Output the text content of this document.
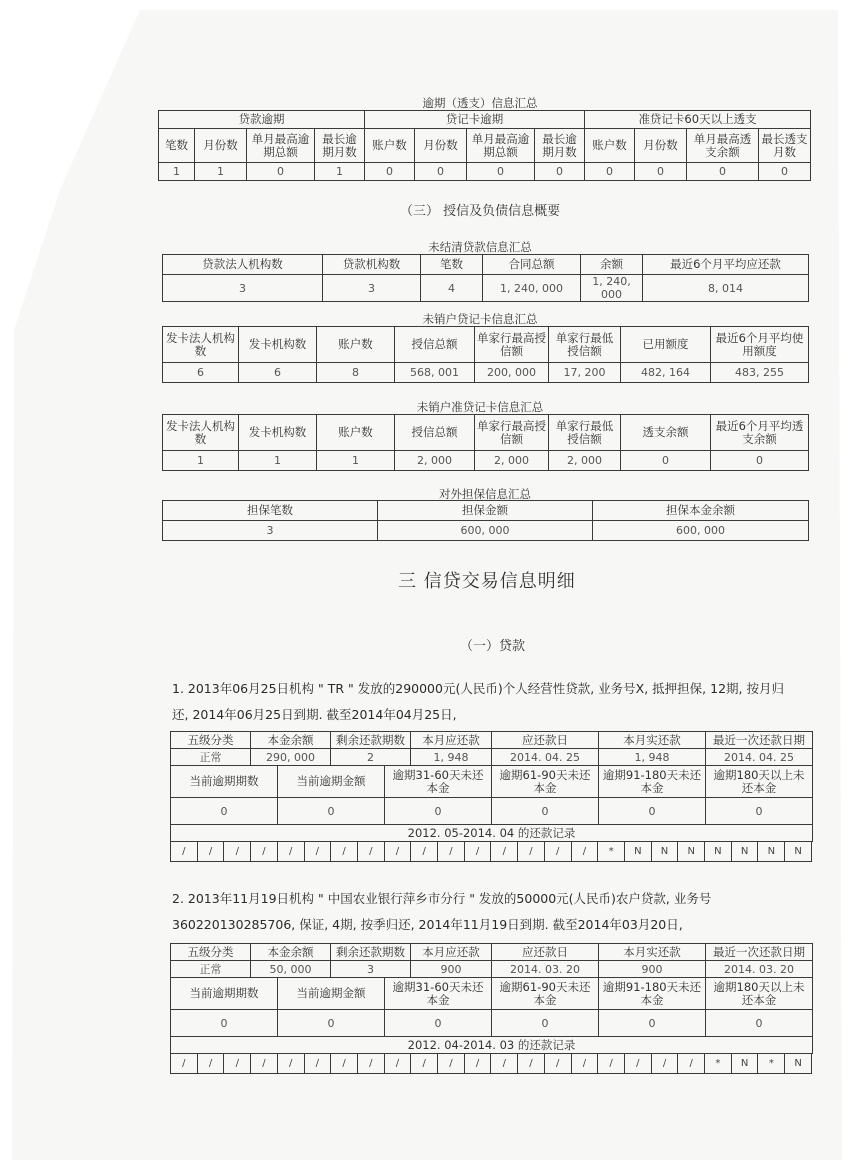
逾期（透支）信息汇总
贷款逾期				贷记卡逾期				准贷记卡60天以上透支			
笔数	月份数	单月最高逾期总额	最长逾期月数	账户数	月份数	单月最高逾期总额	最长逾期月数	账户数	月份数	单月最高透支余额	最长透支月数
1	1	0	1	0	0	0	0	0	0	0	0
（三） 授信及负债信息概要
未结清贷款信息汇总
贷款法人机构数	贷款机构数	笔数	合同总额	余额	最近6个月平均应还款
3	3	4	1, 240, 000	1, 240, 000	8, 014
未销户贷记卡信息汇总
发卡法人机构数	发卡机构数	账户数	授信总额	单家行最高授信额	单家行最低授信额	已用额度	最近6个月平均使用额度
6	6	8	568, 001	200, 000	17, 200	482, 164	483, 255
未销户准贷记卡信息汇总
发卡法人机构数	发卡机构数	账户数	授信总额	单家行最高授信额	单家行最低授信额	透支余额	最近6个月平均透支余额
1	1	1	2, 000	2, 000	2, 000	0	0
对外担保信息汇总
担保笔数	担保金额	担保本金余额
3	600, 000	600, 000
三 信贷交易信息明细
（一）贷款
1. 2013年06月25日机构 " TR " 发放的290000元(人民币)个人经营性贷款, 业务号X, 抵押担保, 12期, 按月归
还, 2014年06月25日到期. 截至2014年04月25日,
五级分类	本金余额	剩余还款期数	本月应还款	应还款日	本月实还款	最近一次还款日期
正常	290, 000	2	1, 948	2014. 04. 25	1, 948	2014. 04. 25
当前逾期期数	当前逾期金额	逾期31-60天未还本金	逾期61-90天未还本金	逾期91-180天未还本金	逾期180天以上未还本金
0	0	0	0	0	0
2012. 05-2014. 04 的还款记录					
/	/	/	/	/	/	/	/	/	/	/	/	/	/	/	/	*	N	N	N	N	N	N	N
2. 2013年11月19日机构 " 中国农业银行萍乡市分行 " 发放的50000元(人民币)农户贷款, 业务号
360220130285706, 保证, 4期, 按季归还, 2014年11月19日到期. 截至2014年03月20日,
五级分类	本金余额	剩余还款期数	本月应还款	应还款日	本月实还款	最近一次还款日期
正常	50, 000	3	900	2014. 03. 20	900	2014. 03. 20
当前逾期期数	当前逾期金额	逾期31-60天未还本金	逾期61-90天未还本金	逾期91-180天未还本金	逾期180天以上未还本金
0	0	0	0	0	0
2012. 04-2014. 03 的还款记录					
/	/	/	/	/	/	/	/	/	/	/	/	/	/	/	/	/	/	/	/	*	N	*	N
